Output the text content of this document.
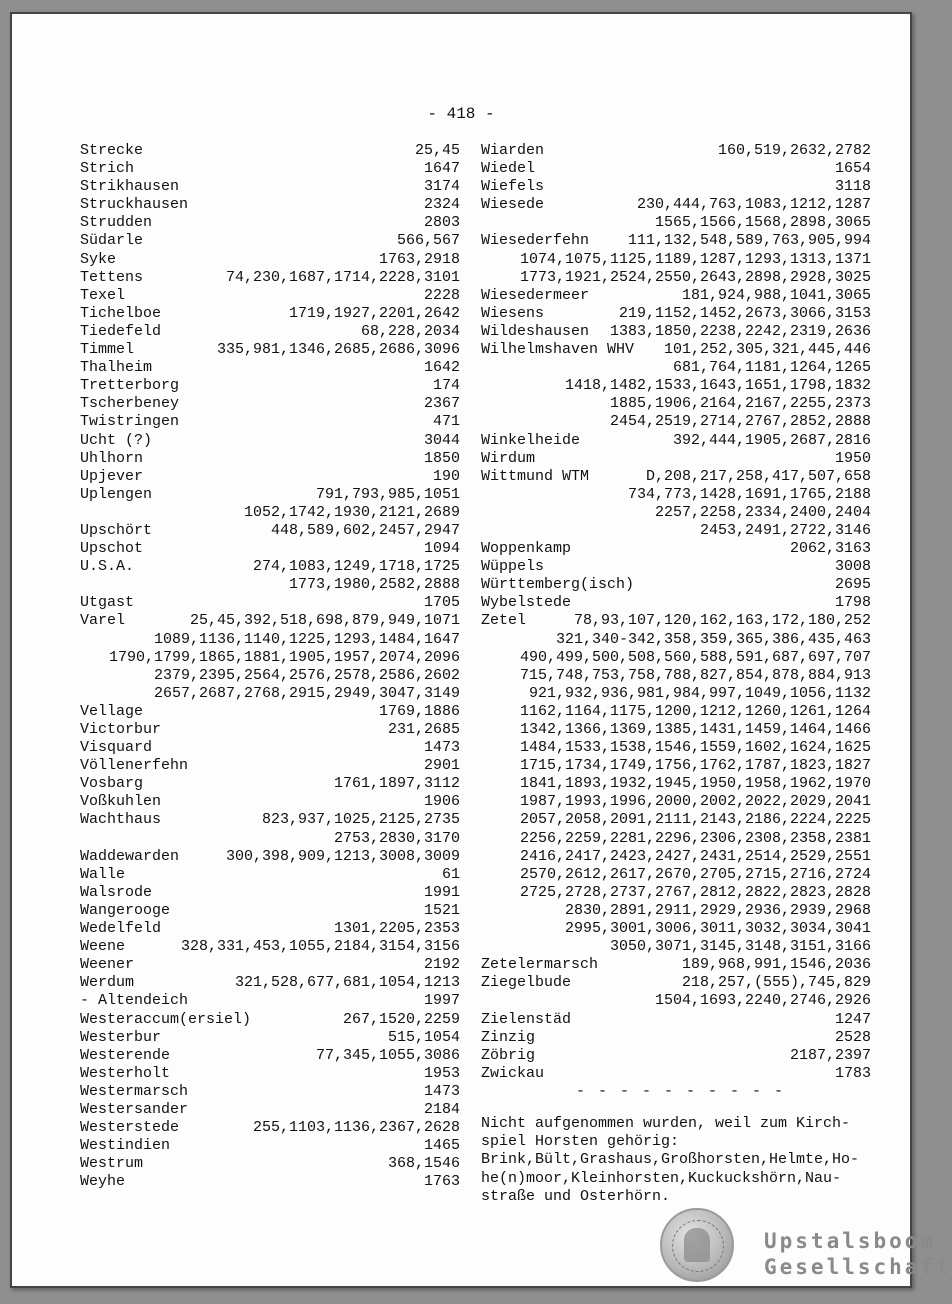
- 418 -
Strecke	25,45
Strich	1647
Strikhausen	3174
Struckhausen	2324
Strudden	2803
Südarle	566,567
Syke	1763,2918
Tettens	74,230,1687,1714,2228,3101
Texel	2228
Tichelboe	1719,1927,2201,2642
Tiedefeld	68,228,2034
Timmel	335,981,1346,2685,2686,3096
Thalheim	1642
Tretterborg	174
Tscherbeney	2367
Twistringen	471
Ucht (?)	3044
Uhlhorn	1850
Upjever	190
Uplengen	791,793,985,1051
1052,1742,1930,2121,2689
Upschört	448,589,602,2457,2947
Upschot	1094
U.S.A.	274,1083,1249,1718,1725
1773,1980,2582,2888
Utgast	1705
Varel	25,45,392,518,698,879,949,1071
1089,1136,1140,1225,1293,1484,1647
1790,1799,1865,1881,1905,1957,2074,2096
2379,2395,2564,2576,2578,2586,2602
2657,2687,2768,2915,2949,3047,3149
Vellage	1769,1886
Victorbur	231,2685
Visquard	1473
Völlenerfehn	2901
Vosbarg	1761,1897,3112
Voßkuhlen	1906
Wachthaus	823,937,1025,2125,2735
2753,2830,3170
Waddewarden	300,398,909,1213,3008,3009
Walle	61
Walsrode	1991
Wangerooge	1521
Wedelfeld	1301,2205,2353
Weene	328,331,453,1055,2184,3154,3156
Weener	2192
Werdum	321,528,677,681,1054,1213
- Altendeich	1997
Westeraccum(ersiel)	267,1520,2259
Westerbur	515,1054
Westerende	77,345,1055,3086
Westerholt	1953
Westermarsch	1473
Westersander	2184
Westerstede	255,1103,1136,2367,2628
Westindien	1465
Westrum	368,1546
Weyhe	1763
Wiarden	160,519,2632,2782
Wiedel	1654
Wiefels	3118
Wiesede	230,444,763,1083,1212,1287
1565,1566,1568,2898,3065
Wiesederfehn	111,132,548,589,763,905,994
1074,1075,1125,1189,1287,1293,1313,1371
1773,1921,2524,2550,2643,2898,2928,3025
Wiesedermeer	181,924,988,1041,3065
Wiesens	219,1152,1452,2673,3066,3153
Wildeshausen 1383,1850,2238,2242,2319,2636
Wilhelmshaven WHV 101,252,305,321,445,446
681,764,1181,1264,1265
1418,1482,1533,1643,1651,1798,1832
1885,1906,2164,2167,2255,2373
2454,2519,2714,2767,2852,2888
Winkelheide	392,444,1905,2687,2816
Wirdum	1950
Wittmund WTM	D,208,217,258,417,507,658
734,773,1428,1691,1765,2188
2257,2258,2334,2400,2404
2453,2491,2722,3146
Woppenkamp	2062,3163
Wüppels	3008
Württemberg(isch)	2695
Wybelstede	1798
Zetel	78,93,107,120,162,163,172,180,252
321,340-342,358,359,365,386,435,463
490,499,500,508,560,588,591,687,697,707
715,748,753,758,788,827,854,878,884,913
921,932,936,981,984,997,1049,1056,1132
1162,1164,1175,1200,1212,1260,1261,1264
1342,1366,1369,1385,1431,1459,1464,1466
1484,1533,1538,1546,1559,1602,1624,1625
1715,1734,1749,1756,1762,1787,1823,1827
1841,1893,1932,1945,1950,1958,1962,1970
1987,1993,1996,2000,2002,2022,2029,2041
2057,2058,2091,2111,2143,2186,2224,2225
2256,2259,2281,2296,2306,2308,2358,2381
2416,2417,2423,2427,2431,2514,2529,2551
2570,2612,2617,2670,2705,2715,2716,2724
2725,2728,2737,2767,2812,2822,2823,2828
2830,2891,2911,2929,2936,2939,2968
2995,3001,3006,3011,3032,3034,3041
3050,3071,3145,3148,3151,3166
Zetelermarsch	189,968,991,1546,2036
Ziegelbude	218,257,(555),745,829
1504,1693,2240,2746,2926
Zielenstäd	1247
Zinzig	2528
Zöbrig	2187,2397
Zwickau	1783
- - - - - - - - - -
Nicht aufgenommen wurden, weil zum Kirch-
spiel Horsten gehörig:
Brink,Bült,Grashaus,Großhorsten,Helmte,Ho-
he(n)moor,Kleinhorsten,Kuckuckshörn,Nau-
straße und Osterhörn.
Upstalsboom
Gesellschaft
